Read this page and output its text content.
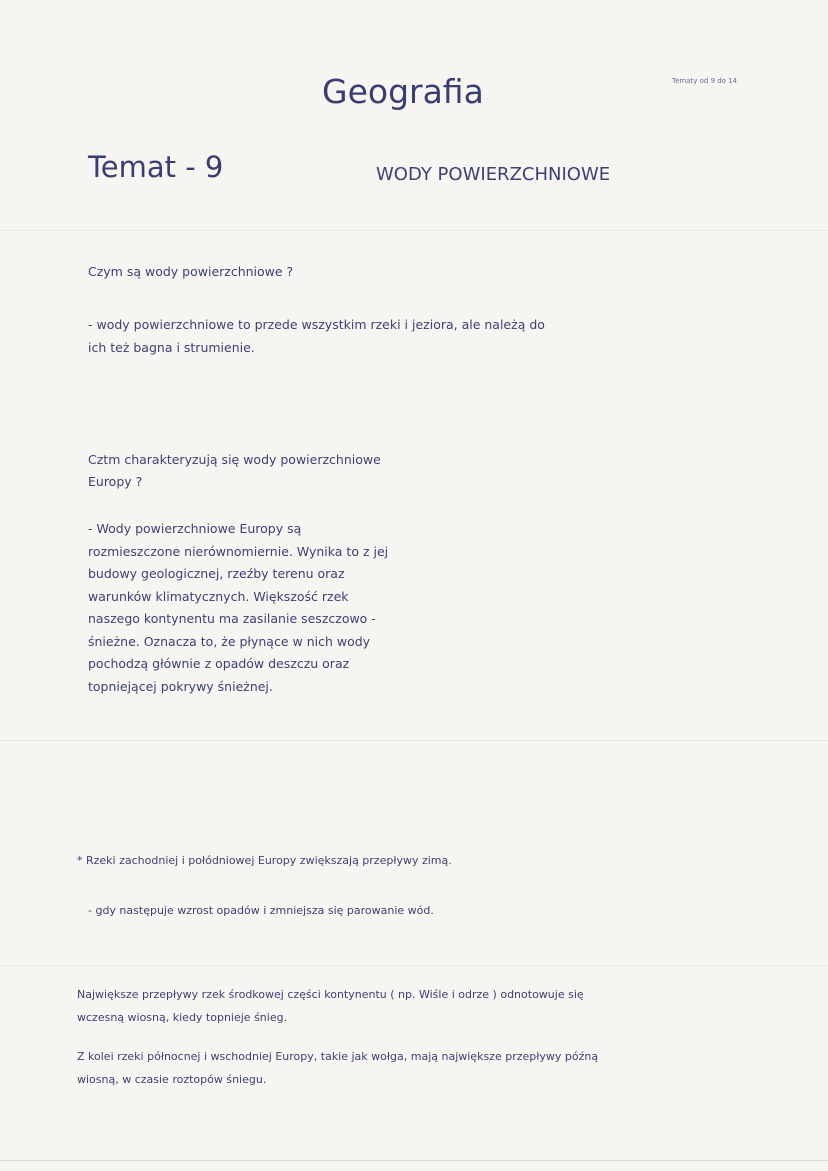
Geografia	Tematy od 9 do 14
Temat - 9	WODY POWIERZCHNIOWE
Czym są wody powierzchniowe ?
- wody powierzchniowe to przede wszystkim rzeki i jeziora, ale należą do
ich też bagna i strumienie.
Cztm charakteryzują się wody powierzchniowe
Europy ?
- Wody powierzchniowe Europy są
rozmieszczone nierównomiernie. Wynika to z jej
budowy geologicznej, rzeźby terenu oraz
warunków klimatycznych. Większość rzek
naszego kontynentu ma zasilanie seszczowo -
śnieżne. Oznacza to, że płynące w nich wody
pochodzą głównie z opadów deszczu oraz
topniejącej pokrywy śnieżnej.
* Rzeki zachodniej i połódniowej Europy zwiększają przepływy zimą.
- gdy następuje wzrost opadów i zmniejsza się parowanie wód.
Największe przepływy rzek środkowej części kontynentu ( np. Wiśle i odrze ) odnotowuje się
wczesną wiosną, kiedy topnieje śnieg.
Z kolei rzeki północnej i wschodniej Europy, takie jak wołga, mają największe przepływy późną
wiosną, w czasie roztopów śniegu.
